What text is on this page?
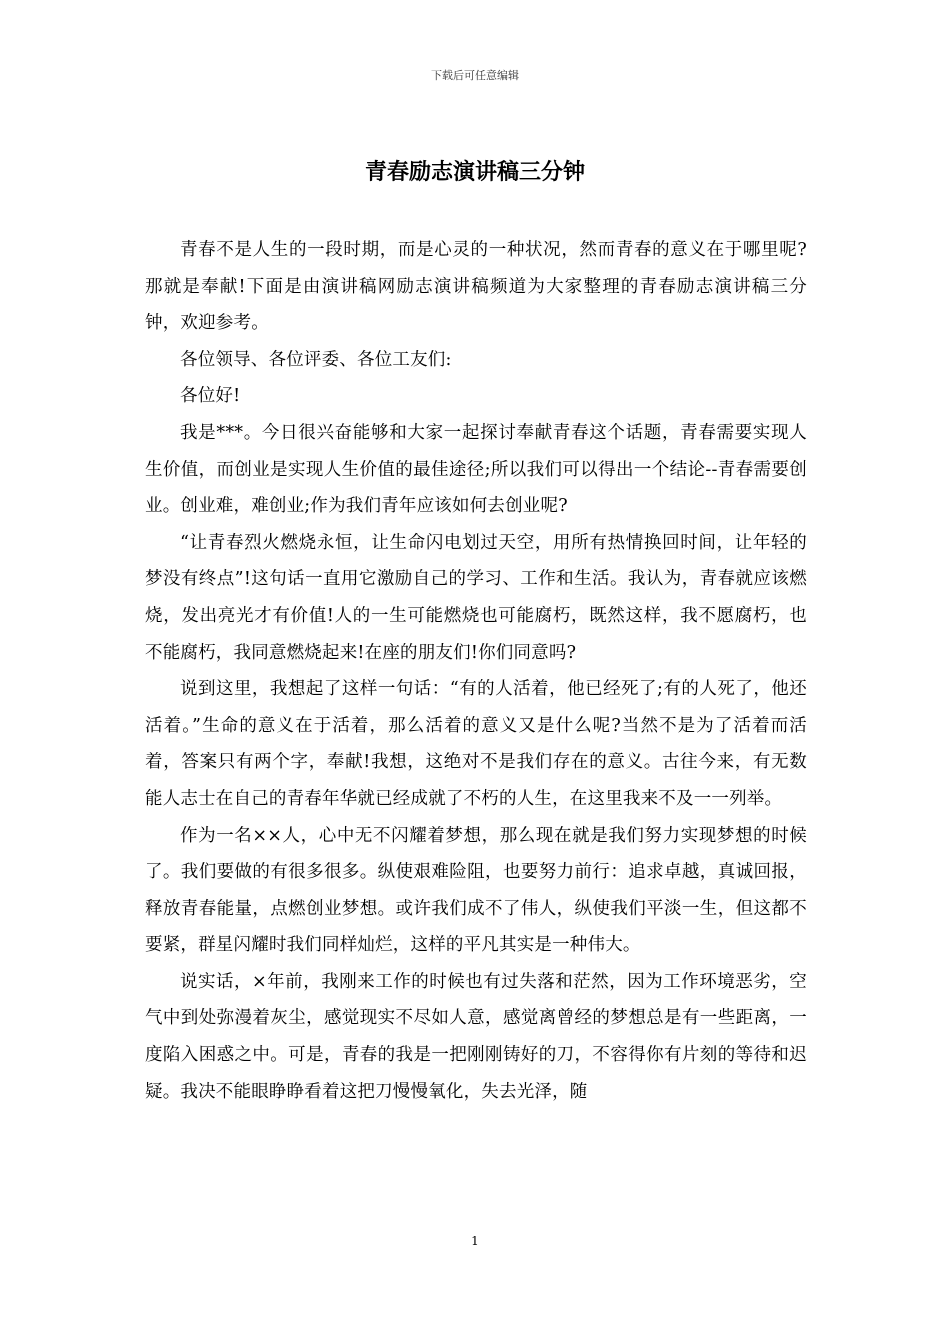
下载后可任意编辑
青春励志演讲稿三分钟

青春不是人生的一段时期，而是心灵的一种状况，然而青春的意义在于哪里呢?那就是奉献!下面是由演讲稿网励志演讲稿频道为大家整理的青春励志演讲稿三分钟，欢迎参考。

各位领导、各位评委、各位工友们:

各位好!

我是***。今日很兴奋能够和大家一起探讨奉献青春这个话题，青春需要实现人生价值，而创业是实现人生价值的最佳途径;所以我们可以得出一个结论--青春需要创业。创业难，难创业;作为我们青年应该如何去创业呢?

“让青春烈火燃烧永恒，让生命闪电划过天空，用所有热情换回时间，让年轻的梦没有终点”!这句话一直用它激励自己的学习、工作和生活。我认为，青春就应该燃烧，发出亮光才有价值!人的一生可能燃烧也可能腐朽，既然这样，我不愿腐朽，也不能腐朽，我同意燃烧起来!在座的朋友们!你们同意吗?

说到这里，我想起了这样一句话：“有的人活着，他已经死了;有的人死了，他还活着。”生命的意义在于活着，那么活着的意义又是什么呢?当然不是为了活着而活着，答案只有两个字，奉献!我想，这绝对不是我们存在的意义。古往今来，有无数能人志士在自己的青春年华就已经成就了不朽的人生，在这里我来不及一一列举。

作为一名××人，心中无不闪耀着梦想，那么现在就是我们努力实现梦想的时候了。我们要做的有很多很多。纵使艰难险阻，也要努力前行：追求卓越，真诚回报，释放青春能量，点燃创业梦想。或许我们成不了伟人，纵使我们平淡一生，但这都不要紧，群星闪耀时我们同样灿烂，这样的平凡其实是一种伟大。

说实话，×年前，我刚来工作的时候也有过失落和茫然，因为工作环境恶劣，空气中到处弥漫着灰尘，感觉现实不尽如人意，感觉离曾经的梦想总是有一些距离，一度陷入困惑之中。可是，青春的我是一把刚刚铸好的刀，不容得你有片刻的等待和迟疑。我决不能眼睁睁看着这把刀慢慢氧化，失去光泽，随

1
